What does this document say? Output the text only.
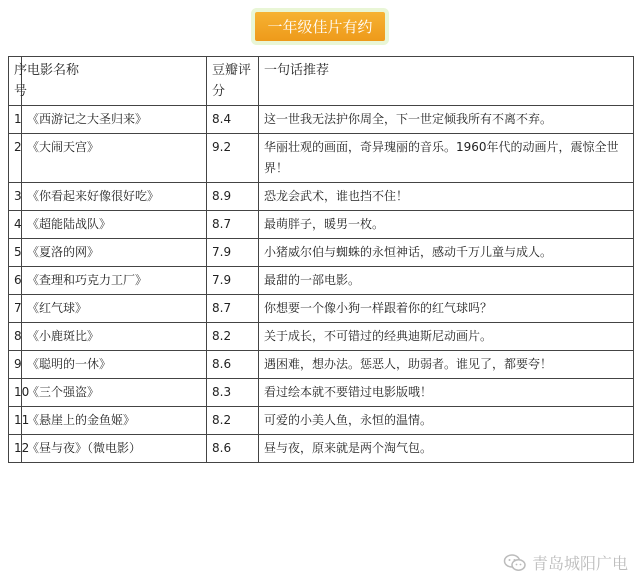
一年级佳片有约
序号	电影名称	豆瓣评分	一句话推荐
1	《西游记之大圣归来》	8.4	这一世我无法护你周全，下一世定倾我所有不离不弃。
2	《大闹天宫》	9.2	华丽壮观的画面，奇异瑰丽的音乐。1960年代的动画片，震惊全世界！
3	《你看起来好像很好吃》	8.9	恐龙会武术，谁也挡不住！
4	《超能陆战队》	8.7	最萌胖子，暖男一枚。
5	《夏洛的网》	7.9	小猪威尔伯与蜘蛛的永恒神话，感动千万儿童与成人。
6	《查理和巧克力工厂》	7.9	最甜的一部电影。
7	《红气球》	8.7	你想要一个像小狗一样跟着你的红气球吗？
8	《小鹿斑比》	8.2	关于成长，不可错过的经典迪斯尼动画片。
9	《聪明的一休》	8.6	遇困难，想办法。惩恶人，助弱者。谁见了，都要夸！
10	《三个强盗》	8.3	看过绘本就不要错过电影版哦！
11	《悬崖上的金鱼姬》	8.2	可爱的小美人鱼，永恒的温情。
12	《昼与夜》（微电影）	8.6	昼与夜，原来就是两个淘气包。
青岛城阳广电
